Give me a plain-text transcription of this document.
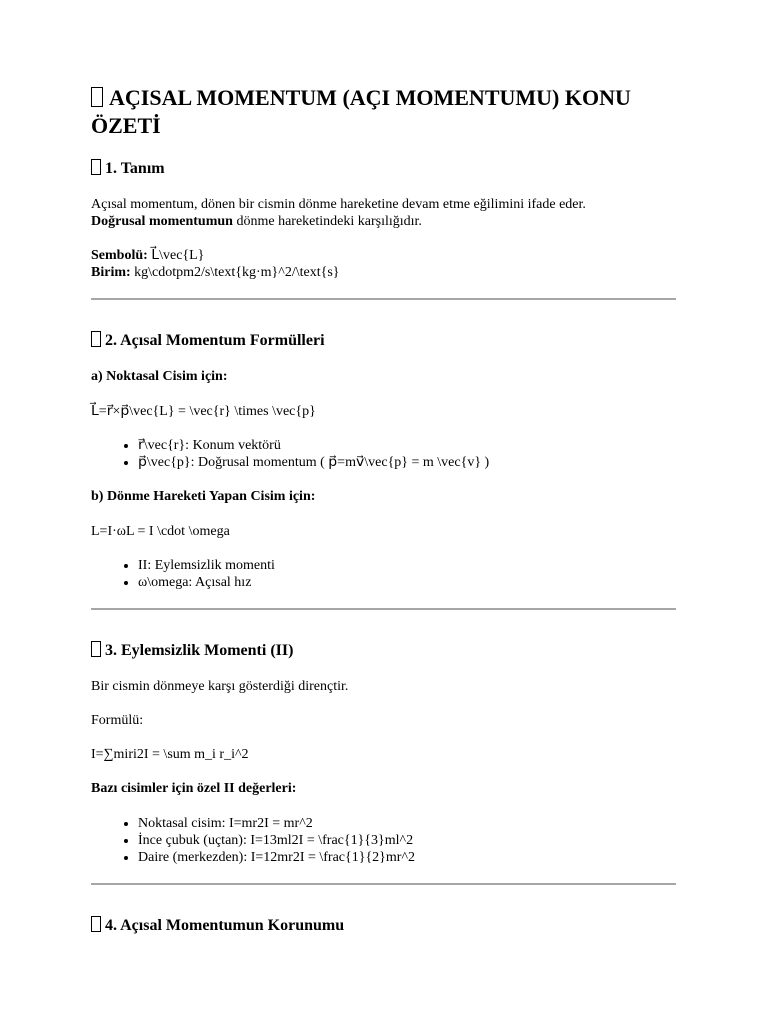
AÇISAL MOMENTUM (AÇI MOMENTUMU) KONU ÖZETİ
1. Tanım

Açısal momentum, dönen bir cismin dönme hareketine devam etme eğilimini ifade eder.
Doğrusal momentumun dönme hareketindeki karşılığıdır.

Sembolü: L⃗\vec{L}
Birim: kg\cdotpm2/s\text{kg·m}^2/\text{s}

2. Açısal Momentum Formülleri
a) Noktasal Cisim için:

L⃗=r⃗×p⃗\vec{L} = \vec{r} \times \vec{p}

• r⃗\vec{r}: Konum vektörü
• p⃗\vec{p}: Doğrusal momentum ( p⃗=mv⃗\vec{p} = m \vec{v} )
b) Dönme Hareketi Yapan Cisim için:

L=I·ωL = I \cdot \omega

• II: Eylemsizlik momenti
• ω\omega: Açısal hız
3. Eylemsizlik Momenti (II)

Bir cismin dönmeye karşı gösterdiği dirençtir.

Formülü:

I=∑miri2I = \sum m_i r_i^2

Bazı cisimler için özel II değerleri:
• Noktasal cisim: I=mr2I = mr^2
• İnce çubuk (uçtan): I=13ml2I = \frac{1}{3}ml^2
• Daire (merkezden): I=12mr2I = \frac{1}{2}mr^2
4. Açısal Momentumun Korunumu
